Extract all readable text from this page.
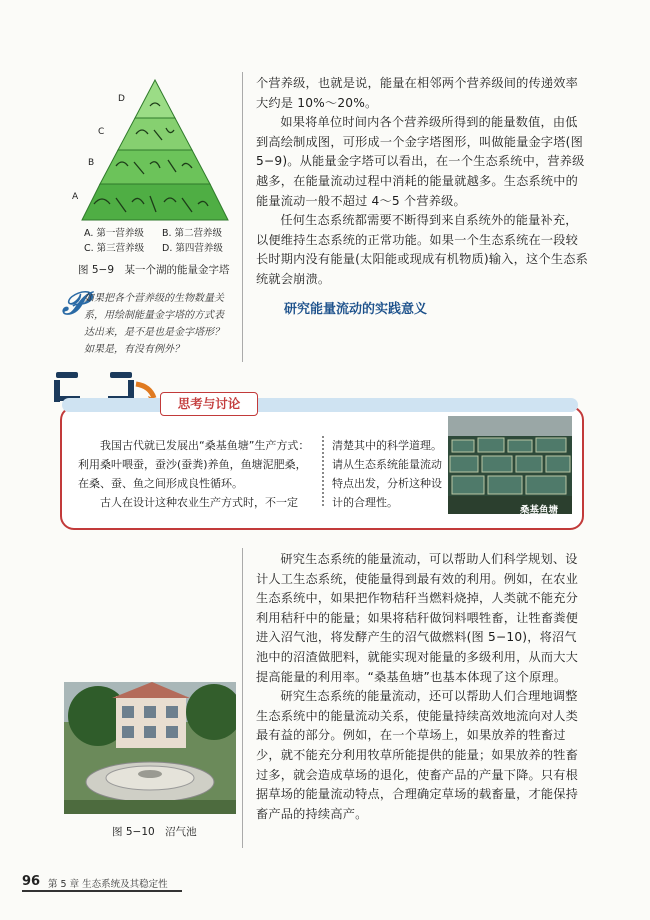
D
C
B
A
A. 第一营养级 B. 第二营养级
C. 第三营养级 D. 第四营养级
图 5−9　某一个湖的能量金字塔
𝒫
如果把各个营养级的生物数量关系，用绘制能量金字塔的方式表达出来，是不是也是金字塔形？如果是，有没有例外？

个营养级，也就是说，能量在相邻两个营养级间的传递效率大约是 10%～20%。

如果将单位时间内各个营养级所得到的能量数值，由低到高绘制成图，可形成一个金字塔图形，叫做能量金字塔(图 5−9)。从能量金字塔可以看出，在一个生态系统中，营养级越多，在能量流动过程中消耗的能量就越多。生态系统中的能量流动一般不超过 4～5 个营养级。

任何生态系统都需要不断得到来自系统外的能量补充，以便维持生态系统的正常功能。如果一个生态系统在一段较长时期内没有能量(太阳能或现成有机物质)输入，这个生态系统就会崩溃。

研究能量流动的实践意义
思考与讨论

我国古代就已发展出“桑基鱼塘”生产方式：利用桑叶喂蚕，蚕沙(蚕粪)养鱼，鱼塘泥肥桑，在桑、蚕、鱼之间形成良性循环。

古人在设计这种农业生产方式时，不一定

清楚其中的科学道理。请从生态系统能量流动特点出发，分析这种设计的合理性。
桑基鱼塘

研究生态系统的能量流动，可以帮助人们科学规划、设计人工生态系统，使能量得到最有效的利用。例如，在农业生态系统中，如果把作物秸秆当燃料烧掉，人类就不能充分利用秸秆中的能量；如果将秸秆做饲料喂牲畜，让牲畜粪便进入沼气池，将发酵产生的沼气做燃料(图 5−10)，将沼气池中的沼渣做肥料，就能实现对能量的多级利用，从而大大提高能量的利用率。“桑基鱼塘”也基本体现了这个原理。

研究生态系统的能量流动，还可以帮助人们合理地调整生态系统中的能量流动关系，使能量持续高效地流向对人类最有益的部分。例如，在一个草场上，如果放养的牲畜过少，就不能充分利用牧草所能提供的能量；如果放养的牲畜过多，就会造成草场的退化，使畜产品的产量下降。只有根据草场的能量流动特点，合理确定草场的载畜量，才能保持畜产品的持续高产。

图 5−10　沼气池
96 第 5 章 生态系统及其稳定性
